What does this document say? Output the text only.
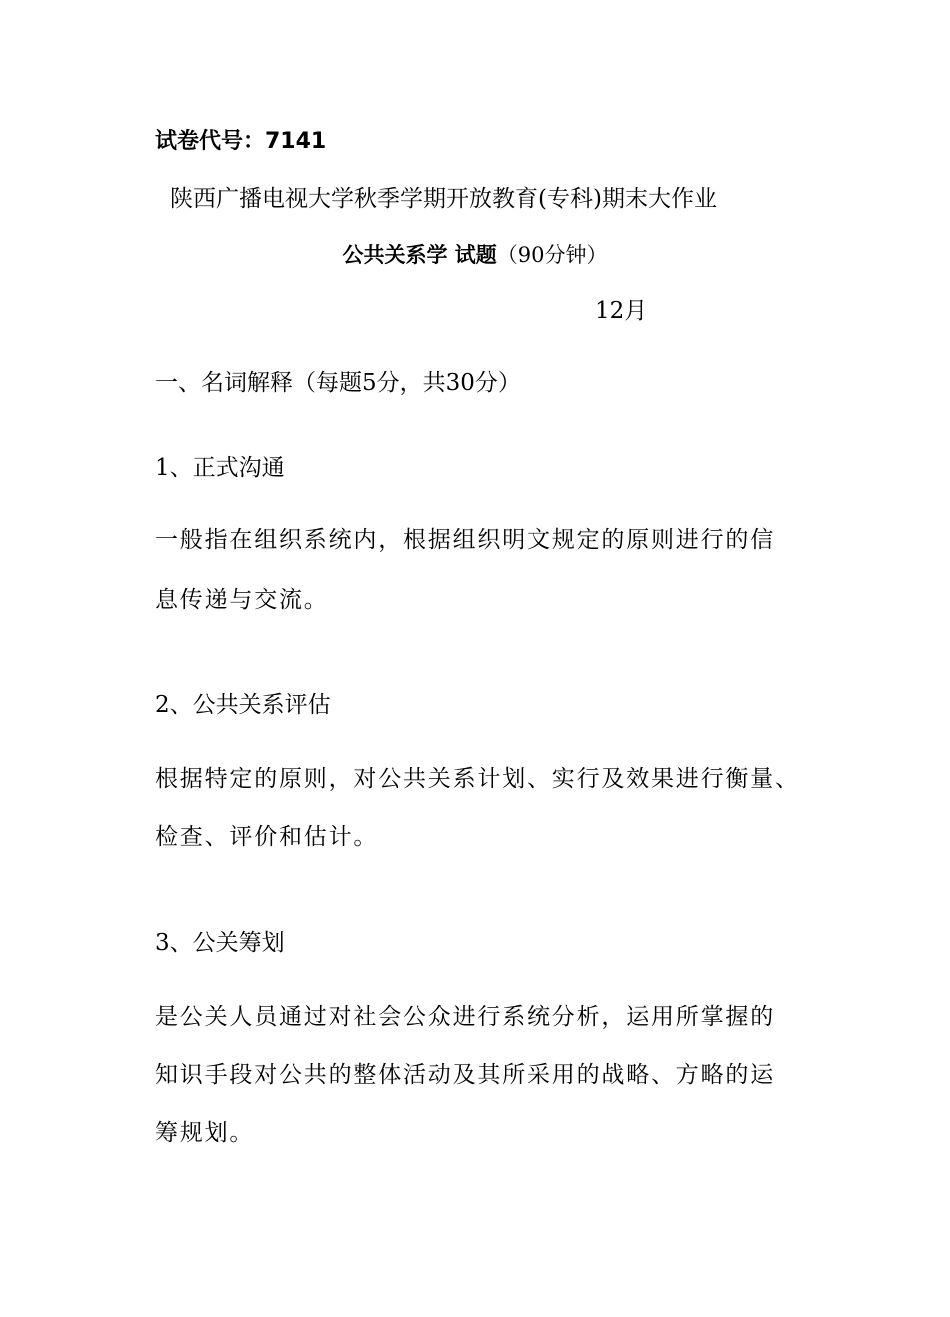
试卷代号：7141
陕西广播电视大学秋季学期开放教育(专科)期末大作业
公共关系学 试题（90分钟）
12月
一、名词解释（每题5分，共30分）
1、正式沟通
一般指在组织系统内，根据组织明文规定的原则进行的信
息传递与交流。
2、公共关系评估
根据特定的原则，对公共关系计划、实行及效果进行衡量、
检查、评价和估计。
3、公关筹划
是公关人员通过对社会公众进行系统分析，运用所掌握的
知识手段对公共的整体活动及其所采用的战略、方略的运
筹规划。
